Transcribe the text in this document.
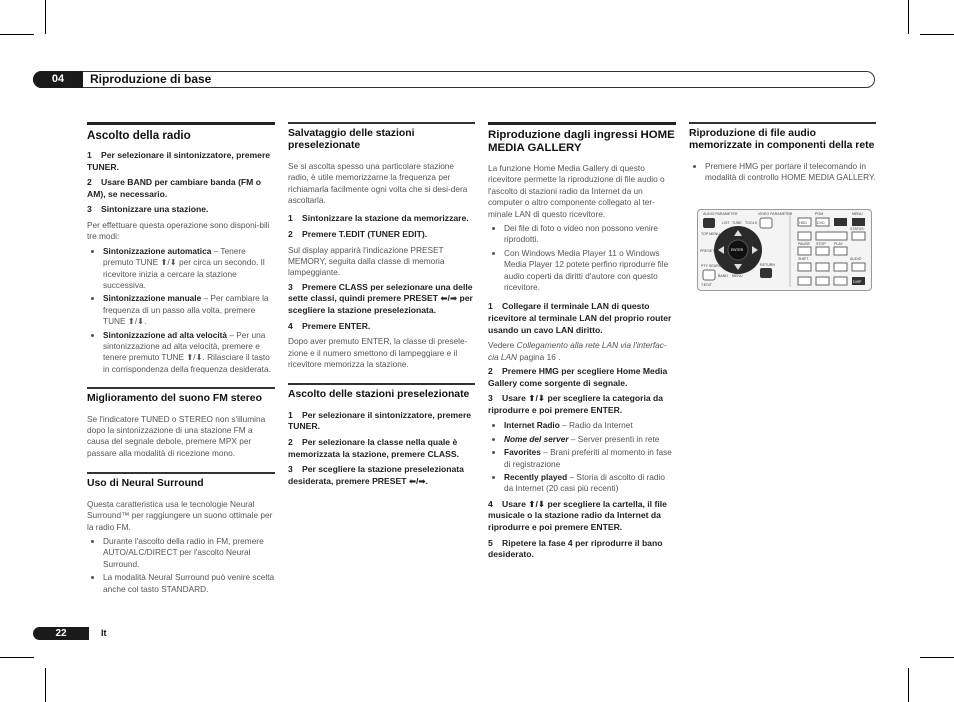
04	Riproduzione di base
Ascolto della radio
1 Per selezionare il sintonizzatore, premere TUNER.
2 Usare BAND per cambiare banda (FM o AM), se necessario.
3 Sintonizzare una stazione.

Per effettuare questa operazione sono disponi-bili tre modi:

• Sintonizzazione automatica – Tenere premuto TUNE ⬆/⬇ per circa un secondo. Il ricevitore inizia a cercare la stazione successiva.
• Sintonizzazione manuale – Per cambiare la frequenza di un passo alla volta, premere TUNE ⬆/⬇.
• Sintonizzazione ad alta velocità – Per una sintonizzazione ad alta velocità, premere e tenere premuto TUNE ⬆/⬇. Rilasciare il tasto in corrispondenza della frequenza desiderata.
Miglioramento del suono FM stereo

Se l'indicatore TUNED o STEREO non s'illumina dopo la sintonizzazione di una stazione FM a causa del segnale debole, premere MPX per passare alla modalità di ricezione mono.

Uso di Neural Surround

Questa caratteristica usa le tecnologie Neural Surround™ per raggiungere un suono ottimale per la radio FM.

• Durante l'ascolto della radio in FM, premere AUTO/ALC/DIRECT per l'ascolto Neural Surround.
• La modalità Neural Surround può venire scelta anche col tasto STANDARD.
Salvataggio delle stazioni preselezionate

Se si ascolta spesso una particolare stazione radio, è utile memorizzarne la frequenza per richiamarla facilmente ogni volta che si desi-dera ascoltarla.

1 Sintonizzare la stazione da memorizzare.
2 Premere T.EDIT (TUNER EDIT).

Sul display apparirà l'indicazione PRESET MEMORY, seguita dalla classe di memoria lampeggiante.

3 Premere CLASS per selezionare una delle sette classi, quindi premere PRESET ⬅/➡ per scegliere la stazione preselezionata.
4 Premere ENTER.

Dopo aver premuto ENTER, la classe di presele-zione e il numero smettono di lampeggiare e il ricevitore memorizza la stazione.

Ascolto delle stazioni preselezionate
1 Per selezionare il sintonizzatore, premere TUNER.
2 Per selezionare la classe nella quale è memorizzata la stazione, premere CLASS.
3 Per scegliere la stazione preselezionata desiderata, premere PRESET ⬅/➡.
Riproduzione dagli ingressi HOME MEDIA GALLERY

La funzione Home Media Gallery di questo ricevitore permette la riproduzione di file audio o l'ascolto di stazioni radio da Internet da un computer o altro componente collegato al ter-minale LAN di questo ricevitore.

• Dei file di foto o video non possono venire riprodotti.
• Con Windows Media Player 11 o Windows Media Player 12 potete perfino riprodurre file audio coperti da diritti d'autore con questo ricevitore.
1 Collegare il terminale LAN di questo ricevitore al terminale LAN del proprio router usando un cavo LAN diritto.

Vedere Collegamento alla rete LAN via l'interfac-cia LAN pagina 16 .

2 Premere HMG per scegliere Home Media Gallery come sorgente di segnale.
3 Usare ⬆/⬇ per scegliere la categoria da riprodurre e poi premere ENTER.
• Internet Radio – Radio da Internet
• Nome del server – Server presenti in rete
• Favorites – Brani preferiti al momento in fase di registrazione
• Recently played – Storia di ascolto di radio da Internet (20 casi più recenti)
4 Usare ⬆/⬇ per scegliere la cartella, il file musicale o la stazione radio da Internet da riprodurre e poi premere ENTER.
5 Ripetere la fase 4 per riprodurre il bano desiderato.
Riproduzione di file audio memorizzate in componenti della rete
• Premere HMG per portare il telecomando in modalità di controllo HOME MEDIA GALLERY.
AUDIO PARAMETER	VIDEO PARAMETER
TOP MENU
LIST TUNE TOOLS
PRESET	ENTER
RETURN
PTY SEARCH
BAND MENU
T.EDIT
PGM
HDD	DVD
MENU
STATUS
PAUSE STOP PLAY
AUDIO
SHIFT
DISP
22	It
